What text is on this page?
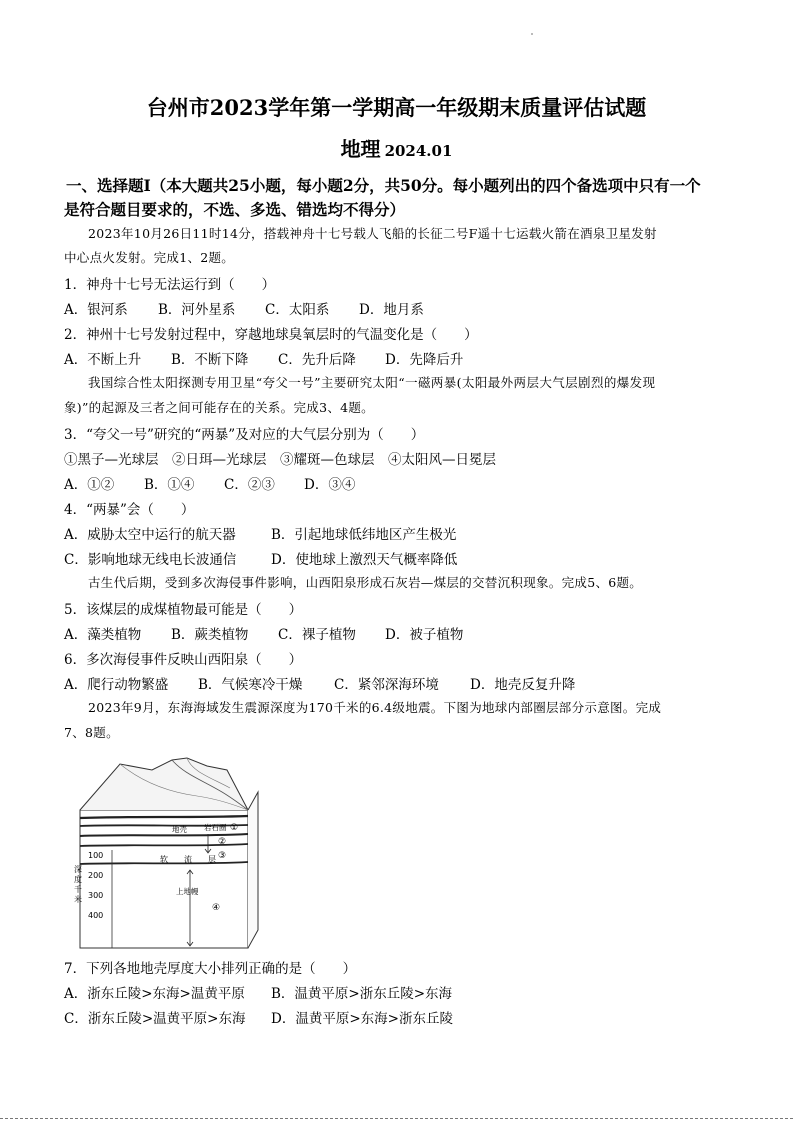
台州市2023学年第一学期高一年级期末质量评估试题
地理 2024.01
一、选择题Ⅰ（本大题共25小题，每小题2分，共50分。每小题列出的四个备选项中只有一个
是符合题目要求的，不选、多选、错选均不得分）
2023年10月26日11时14分，搭载神舟十七号载人飞船的长征二号F遥十七运载火箭在酒泉卫星发射
中心点火发射。完成1、2题。
1．神舟十七号无法运行到（　　）
A．银河系 B．河外星系 C．太阳系 D．地月系
2．神州十七号发射过程中，穿越地球臭氧层时的气温变化是（　　）
A．不断上升 B．不断下降 C．先升后降 D．先降后升
我国综合性太阳探测专用卫星“夸父一号”主要研究太阳“一磁两暴(太阳最外两层大气层剧烈的爆发现
象)”的起源及三者之间可能存在的关系。完成3、4题。
3．“夸父一号”研究的“两暴”及对应的大气层分别为（　　）
①黑子—光球层　②日珥—光球层　③耀斑—色球层　④太阳风—日冕层
A．①② B．①④ C．②③ D．③④
4．“两暴”会（　　）
A．威胁太空中运行的航天器	B．引起地球低纬地区产生极光
C．影响地球无线电长波通信	D．使地球上激烈天气概率降低
古生代后期，受到多次海侵事件影响，山西阳泉形成石灰岩—煤层的交替沉积现象。完成5、6题。
5．该煤层的成煤植物最可能是（　　）
A．藻类植物 B．蕨类植物 C．裸子植物 D．被子植物
6．多次海侵事件反映山西阳泉（　　）
A．爬行动物繁盛 B．气候寒冷干燥 C．紧邻深海环境 D．地壳反复升降
2023年9月，东海海域发生震源深度为170千米的6.4级地震。下图为地球内部圈层部分示意图。完成
7、8题。
100
200
300
400
深度千米
地壳 岩石圈 ①
②
③
软 流 层
上地幔
④
7．下列各地地壳厚度大小排列正确的是（　　）
A．浙东丘陵>东海>温黄平原 B．温黄平原>浙东丘陵>东海
C．浙东丘陵>温黄平原>东海 D．温黄平原>东海>浙东丘陵
